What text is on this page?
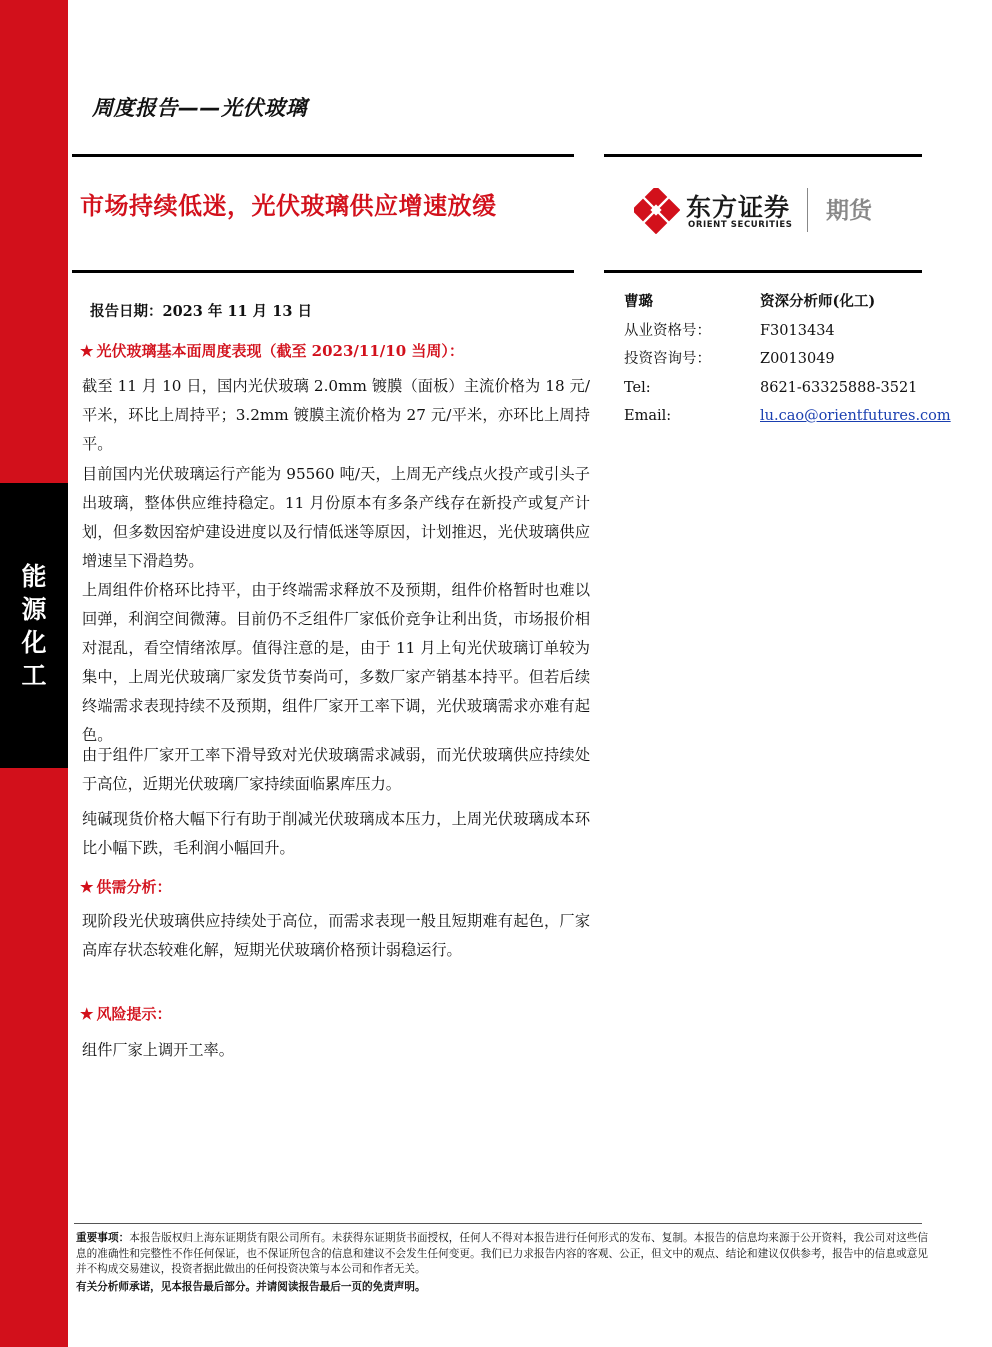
能
源
化
工
周度报告——光伏玻璃
市场持续低迷，光伏玻璃供应增速放缓	东方证券
ORIENT SECURITIES
期货
报告日期：2023 年 11 月 13 日
★ 光伏玻璃基本面周度表现（截至 2023/11/10 当周）：

截至 11 月 10 日，国内光伏玻璃 2.0mm 镀膜（面板）主流价格为 18 元/平米，环比上周持平；3.2mm 镀膜主流价格为 27 元/平米，亦环比上周持平。

目前国内光伏玻璃运行产能为 95560 吨/天，上周无产线点火投产或引头子出玻璃，整体供应维持稳定。11 月份原本有多条产线存在新投产或复产计划，但多数因窑炉建设进度以及行情低迷等原因，计划推迟，光伏玻璃供应增速呈下滑趋势。

上周组件价格环比持平，由于终端需求释放不及预期，组件价格暂时也难以回弹，利润空间微薄。目前仍不乏组件厂家低价竞争让利出货，市场报价相对混乱，看空情绪浓厚。值得注意的是，由于 11 月上旬光伏玻璃订单较为集中，上周光伏玻璃厂家发货节奏尚可，多数厂家产销基本持平。但若后续终端需求表现持续不及预期，组件厂家开工率下调，光伏玻璃需求亦难有起色。

由于组件厂家开工率下滑导致对光伏玻璃需求减弱，而光伏玻璃供应持续处于高位，近期光伏玻璃厂家持续面临累库压力。

纯碱现货价格大幅下行有助于削减光伏玻璃成本压力，上周光伏玻璃成本环比小幅下跌，毛利润小幅回升。

★ 供需分析：

现阶段光伏玻璃供应持续处于高位，而需求表现一般且短期难有起色，厂家高库存状态较难化解，短期光伏玻璃价格预计弱稳运行。

★ 风险提示：

组件厂家上调开工率。

曹璐	资深分析师(化工)
从业资格号：	F3013434
投资咨询号：	Z0013049
Tel:	8621-63325888-3521
Email:	lu.cao@orientfutures.com

重要事项：本报告版权归上海东证期货有限公司所有。未获得东证期货书面授权，任何人不得对本报告进行任何形式的发布、复制。本报告的信息均来源于公开资料，我公司对这些信息的准确性和完整性不作任何保证，也不保证所包含的信息和建议不会发生任何变更。我们已力求报告内容的客观、公正，但文中的观点、结论和建议仅供参考，报告中的信息或意见并不构成交易建议，投资者据此做出的任何投资决策与本公司和作者无关。

有关分析师承诺，见本报告最后部分。并请阅读报告最后一页的免责声明。
